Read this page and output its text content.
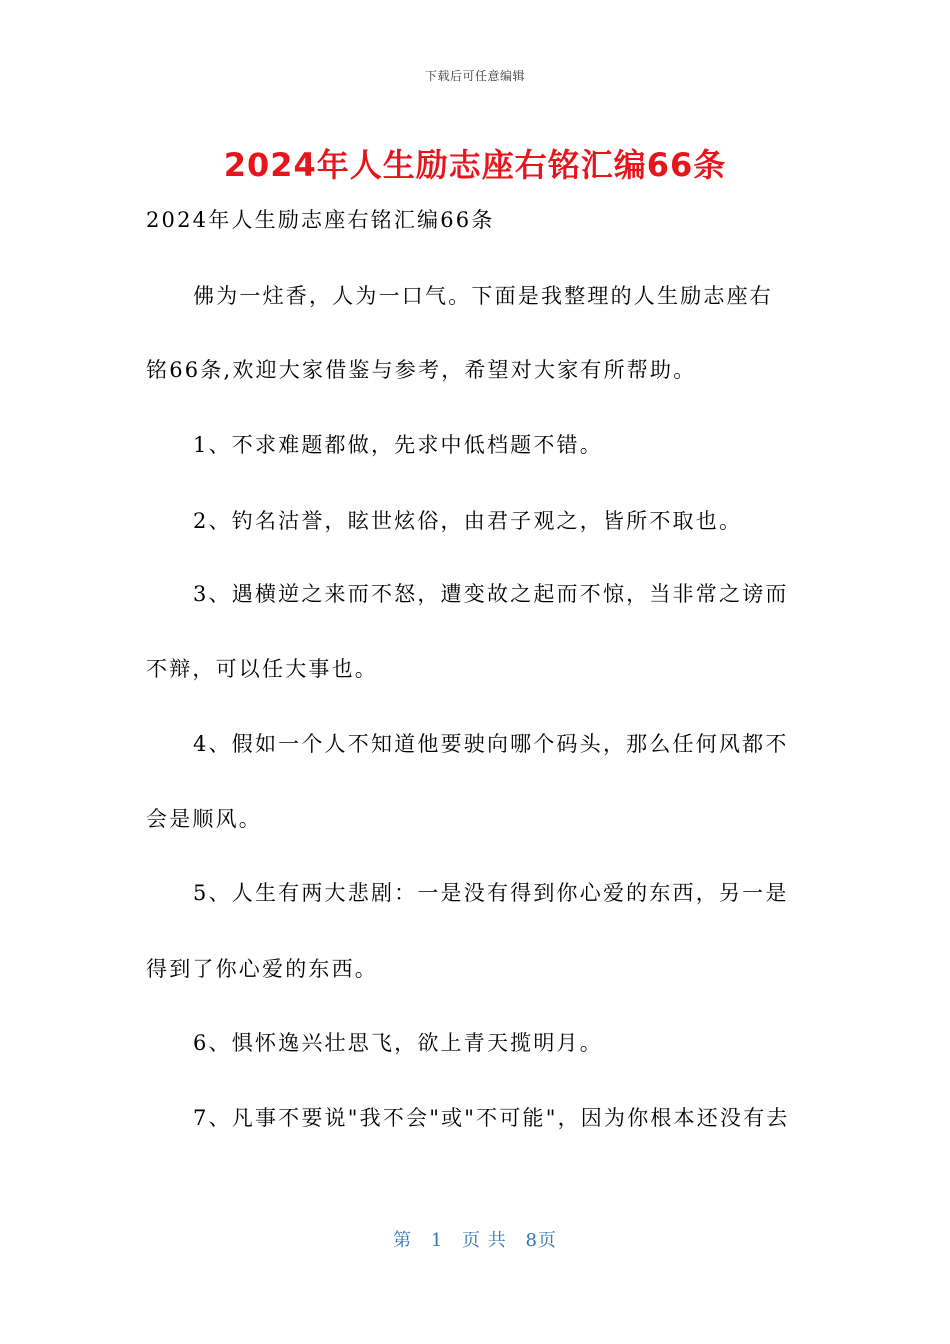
下载后可任意编辑
2024年人生励志座右铭汇编66条
2024年人生励志座右铭汇编66条
佛为一炷香，人为一口气。下面是我整理的人生励志座右
铭66条,欢迎大家借鉴与参考，希望对大家有所帮助。
1、不求难题都做，先求中低档题不错。
2、钓名沽誉，眩世炫俗，由君子观之，皆所不取也。
3、遇横逆之来而不怒，遭变故之起而不惊，当非常之谤而
不辩，可以任大事也。
4、假如一个人不知道他要驶向哪个码头，那么任何风都不
会是顺风。
5、人生有两大悲剧：一是没有得到你心爱的东西，另一是
得到了你心爱的东西。
6、惧怀逸兴壮思飞，欲上青天揽明月。
7、凡事不要说"我不会"或"不可能"，因为你根本还没有去
第 1 页 共 8页
